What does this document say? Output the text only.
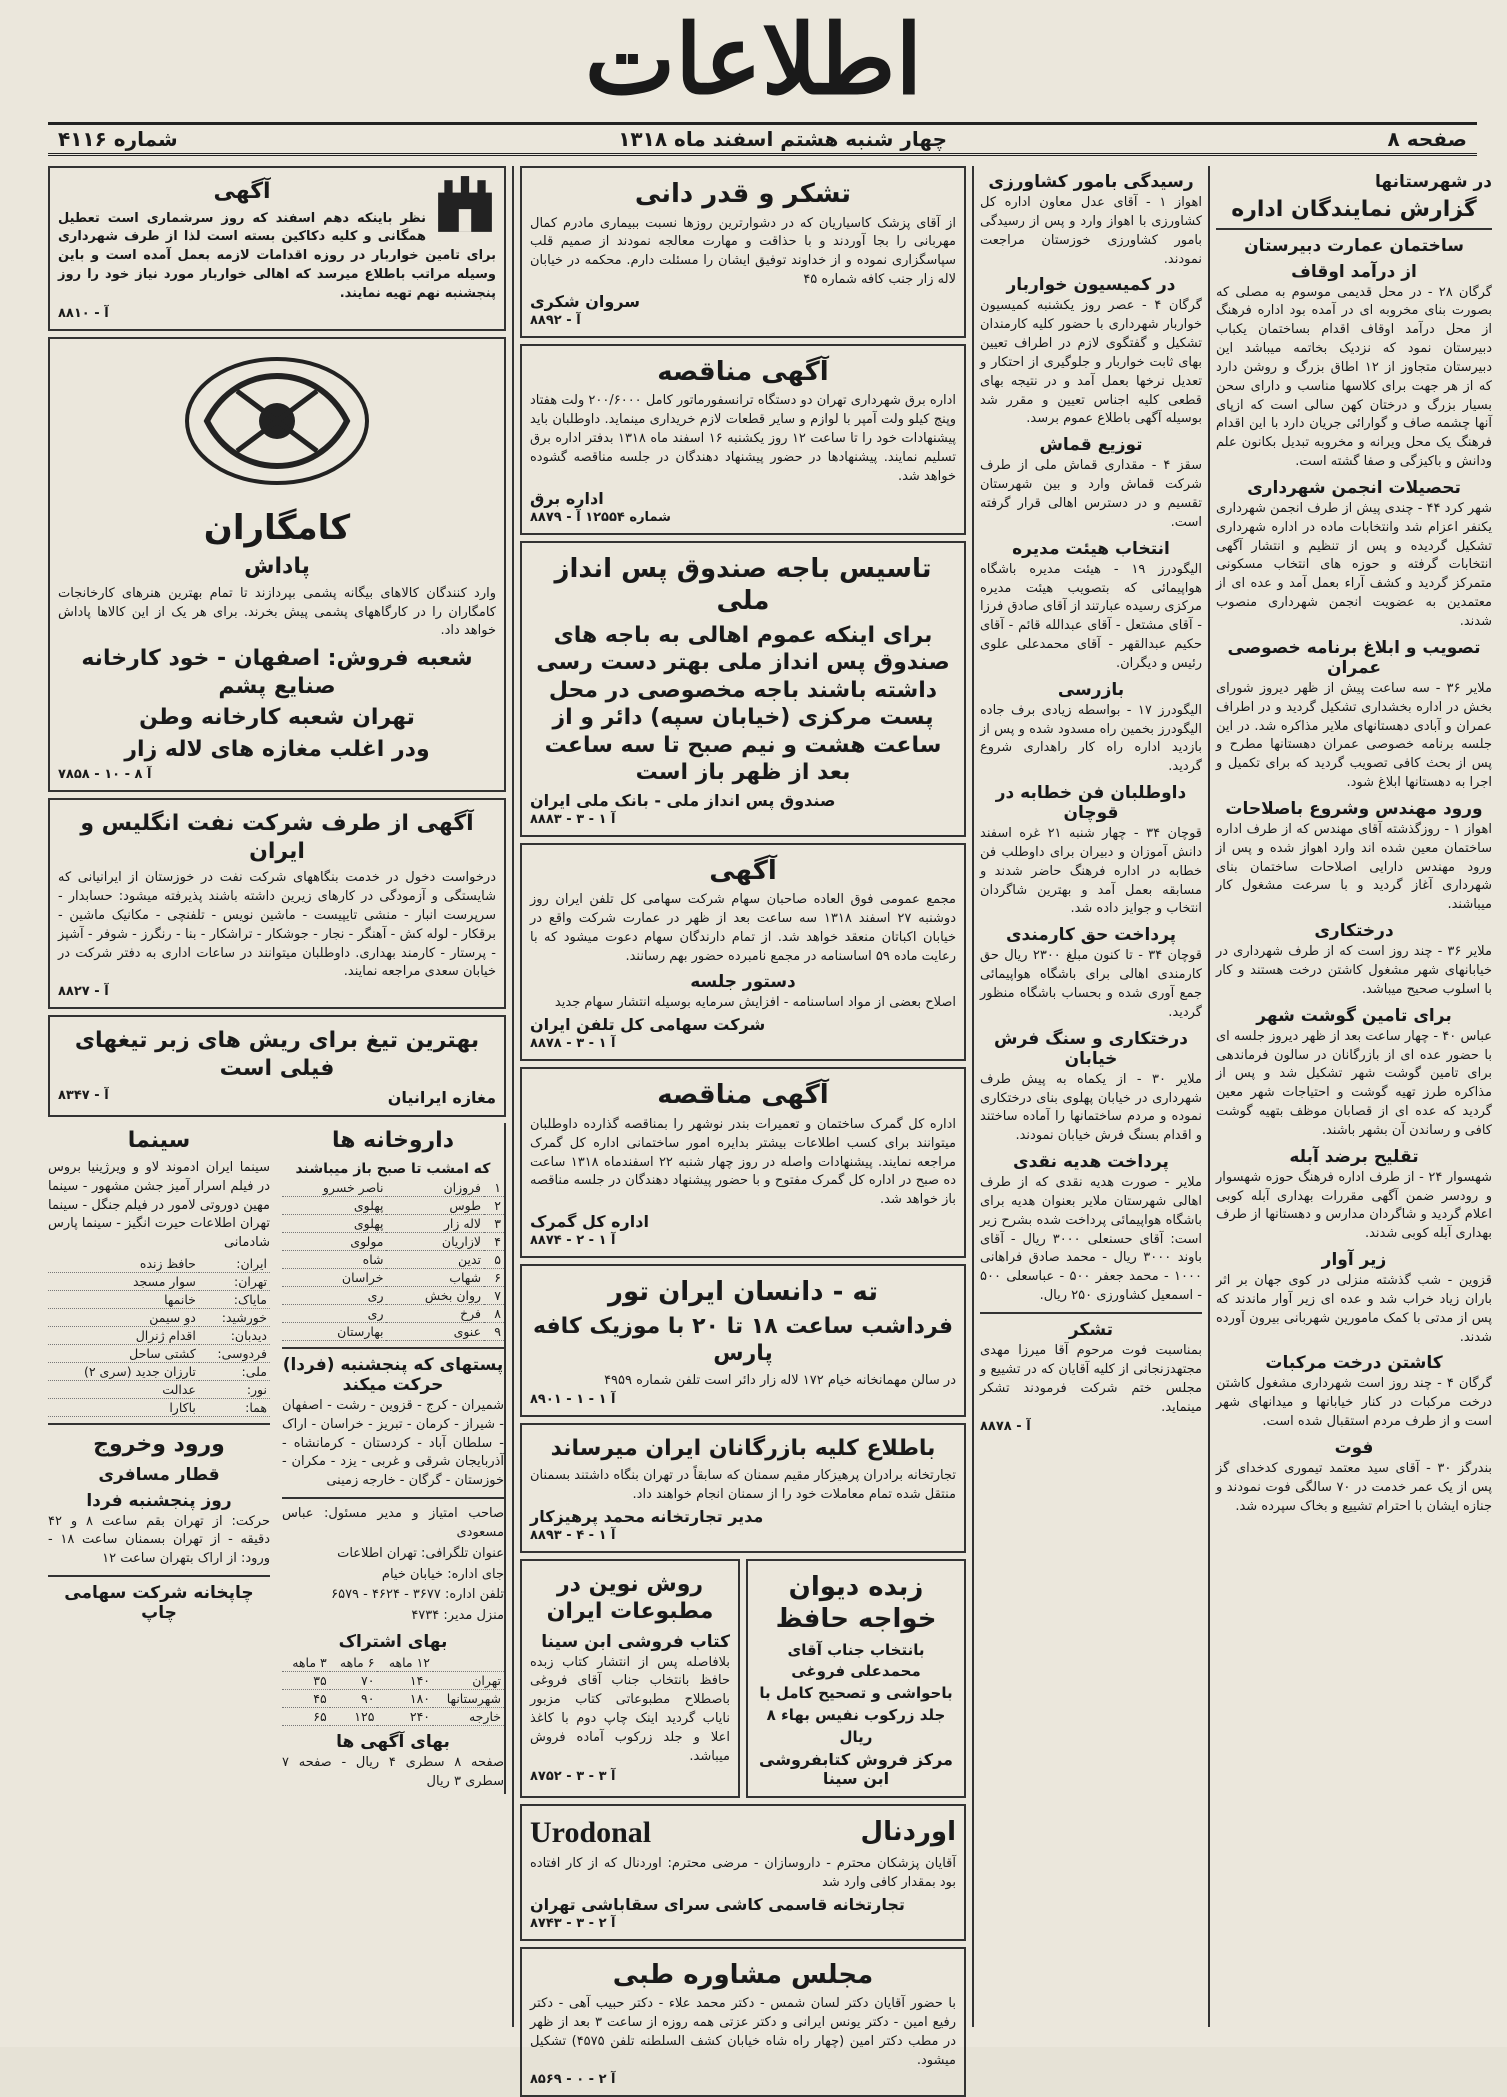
اطلاعات
صفحه ۸
چهار شنبه هشتم اسفند ماه ۱۳۱۸
شماره ۴۱۱۶
در شهرستانها
گزارش نمایندگان اداره
ساختمان عمارت دبیرستان
از درآمد اوقاف
گرگان ۲۸ - در محل قدیمی موسوم به مصلی که بصورت بنای مخروبه ای در آمده بود اداره فرهنگ از محل درآمد اوقاف اقدام بساختمان یکباب دبیرستان نمود که نزدیک بخاتمه میباشد این دبیرستان متجاوز از ۱۲ اطاق بزرگ و روشن دارد که از هر جهت برای کلاسها مناسب و دارای سحن بسیار بزرگ و درختان کهن سالی است که ازپای آنها چشمه صاف و گوارائی جریان دارد با این اقدام فرهنگ یک محل ویرانه و مخروبه تبدیل بکانون علم ودانش و باکیزگی و صفا گشته است.
تحصیلات انجمن شهرداری
شهر کرد ۴۴ - چندی پیش از طرف انجمن شهرداری یکنفر اعزام شد وانتخابات ماده در اداره شهرداری تشکیل گردیده و پس از تنظیم و انتشار آگهی انتخابات گرفته و حوزه های انتخاب مسکونی متمرکز گردید و کشف آراء بعمل آمد و عده ای از معتمدین به عضویت انجمن شهرداری منصوب شدند.
تصویب و ابلاغ برنامه خصوصی عمران
ملایر ۳۶ - سه ساعت پیش از ظهر دیروز شورای بخش در اداره بخشداری تشکیل گردید و در اطراف عمران و آبادی دهستانهای ملایر مذاکره شد. در این جلسه برنامه خصوصی عمران دهستانها مطرح و پس از بحث کافی تصویب گردید که برای تکمیل و اجرا به دهستانها ابلاغ شود.
ورود مهندس وشروع باصلاحات
اهواز ۱ - روزگذشته آقای مهندس که از طرف اداره ساختمان معین شده اند وارد اهواز شده و پس از ورود مهندس دارایی اصلاحات ساختمان بنای شهرداری آغاز گردید و با سرعت مشغول کار میباشند.
درختکاری
ملایر ۳۶ - چند روز است که از طرف شهرداری در خیابانهای شهر مشغول کاشتن درخت هستند و کار با اسلوب صحیح میباشد.
برای تامین گوشت شهر
عباس ۴۰ - چهار ساعت بعد از ظهر دیروز جلسه ای با حضور عده ای از بازرگانان در سالون فرماندهی برای تامین گوشت شهر تشکیل شد و پس از مذاکره طرز تهیه گوشت و احتیاجات شهر معین گردید که عده ای از قصابان موظف بتهیه گوشت کافی و رساندن آن بشهر باشند.
تقلیح برضد آبله
شهسوار ۲۴ - از طرف اداره فرهنگ حوزه شهسوار و رودسر ضمن آگهی مقررات بهداری آبله کوبی اعلام گردید و شاگردان مدارس و دهستانها از طرف بهداری آبله کوبی شدند.
زیر آوار
قزوین - شب گذشته منزلی در کوی جهان بر اثر باران زیاد خراب شد و عده ای زیر آوار ماندند که پس از مدتی با کمک مامورین شهربانی بیرون آورده شدند.
کاشتن درخت مرکبات
گرگان ۴ - چند روز است شهرداری مشغول کاشتن درخت مرکبات در کنار خیابانها و میدانهای شهر است و از طرف مردم استقبال شده است.
فوت
بندرگز ۳۰ - آقای سید معتمد تیموری کدخدای گز پس از یک عمر خدمت در ۷۰ سالگی فوت نمودند و جنازه ایشان با احترام تشییع و بخاک سپرده شد.
رسیدگی بامور کشاورزی
اهواز ۱ - آقای عدل معاون اداره کل کشاورزی با اهواز وارد و پس از رسیدگی بامور کشاورزی خوزستان مراجعت نمودند.
در کمیسیون خواربار
گرگان ۴ - عصر روز یکشنبه کمیسیون خواربار شهرداری با حضور کلیه کارمندان تشکیل و گفتگوی لازم در اطراف تعیین بهای ثابت خواربار و جلوگیری از احتکار و تعدیل نرخها بعمل آمد و در نتیجه بهای قطعی کلیه اجناس تعیین و مقرر شد بوسیله آگهی باطلاع عموم برسد.
توزیع قماش
سقز ۴ - مقداری قماش ملی از طرف شرکت قماش وارد و بین شهرستان تقسیم و در دسترس اهالی قرار گرفته است.
انتخاب هیئت مدیره
الیگودرز ۱۹ - هیئت مدیره باشگاه هواپیمائی که بتصویب هیئت مدیره مرکزی رسیده عبارتند از آقای صادق فرزا - آقای مشتعل - آقای عبدالله قائم - آقای حکیم عبدالقهر - آقای محمدعلی علوی رئیس و دیگران.
بازرسی
الیگودرز ۱۷ - بواسطه زیادی برف جاده الیگودرز بخمین راه مسدود شده و پس از بازدید اداره راه کار راهداری شروع گردید.
داوطلبان فن خطابه در قوچان
قوچان ۳۴ - چهار شنبه ۲۱ غره اسفند دانش آموزان و دبیران برای داوطلب فن خطابه در اداره فرهنگ حاضر شدند و مسابقه بعمل آمد و بهترین شاگردان انتخاب و جوایز داده شد.
پرداخت حق کارمندی
قوچان ۳۴ - تا کنون مبلغ ۲۳۰۰ ریال حق کارمندی اهالی برای باشگاه هواپیمائی جمع آوری شده و بحساب باشگاه منظور گردید.
درختکاری و سنگ فرش خیابان
ملایر ۳۰ - از یکماه به پیش طرف شهرداری در خیابان پهلوی بنای درختکاری نموده و مردم ساختمانها را آماده ساختند و اقدام بسنگ فرش خیابان نمودند.
پرداخت هدیه نقدی
ملایر - صورت هدیه نقدی که از طرف اهالی شهرستان ملایر بعنوان هدیه برای باشگاه هواپیمائی پرداخت شده بشرح زیر است: آقای حسنعلی ۳۰۰۰ ریال - آقای باوند ۳۰۰۰ ریال - محمد صادق فراهانی ۱۰۰۰ - محمد جعفر ۵۰۰ - عباسعلی ۵۰۰ - اسمعیل کشاورزی ۲۵۰ ریال.
تشکر
بمناسبت فوت مرحوم آقا میرزا مهدی مجتهدزنجانی از کلیه آقایان که در تشییع و مجلس ختم شرکت فرمودند تشکر مینماید.
۸۸۷۸ - آ
تشکر و قدر دانی
از آقای پزشک کاسیاریان که در دشوارترین روزها نسبت ببیماری مادرم کمال مهربانی را بجا آوردند و با حذاقت و مهارت معالجه نمودند از صمیم قلب سپاسگزاری نموده و از خداوند توفیق ایشان را مسئلت دارم. محکمه در خیابان لاله زار جنب کافه شماره ۴۵
سروان شکری
۸۸۹۲ - آ
آگهی مناقصه
اداره برق شهرداری تهران دو دستگاه ترانسفورماتور کامل ۲۰۰/۶۰۰۰ ولت هفتاد وپنج کیلو ولت آمپر با لوازم و سایر قطعات لازم خریداری مینماید. داوطلبان باید پیشنهادات خود را تا ساعت ۱۲ روز یکشنبه ۱۶ اسفند ماه ۱۳۱۸ بدفتر اداره برق تسلیم نمایند. پیشنهادها در حضور پیشنهاد دهندگان در جلسه مناقصه گشوده خواهد شد.
اداره برق
شماره ۱۲۵۵۴ آ - ۸۸۷۹
تاسیس باجه صندوق پس انداز ملی
برای اینکه عموم اهالی به باجه های صندوق پس انداز ملی بهتر دست رسی داشته باشند باجه مخصوصی در محل پست مرکزی (خیابان سپه) دائر و از ساعت هشت و نیم صبح تا سه ساعت بعد از ظهر باز است
صندوق پس انداز ملی - بانک ملی ایران
۸۸۸۳ - آ ۱ - ۳
آگهی
مجمع عمومی فوق العاده صاحبان سهام شرکت سهامی کل تلفن ایران روز دوشنبه ۲۷ اسفند ۱۳۱۸ سه ساعت بعد از ظهر در عمارت شرکت واقع در خیابان اکباتان منعقد خواهد شد. از تمام دارندگان سهام دعوت میشود که با رعایت ماده ۵۹ اساسنامه در مجمع نامبرده حضور بهم رسانند.
دستور جلسه
اصلاح بعضی از مواد اساسنامه - افزایش سرمایه بوسیله انتشار سهام جدید
شرکت سهامی کل تلفن ایران
۸۸۷۸ - آ ۱ - ۳
آگهی مناقصه
اداره کل گمرک ساختمان و تعمیرات بندر نوشهر را بمناقصه گذارده داوطلبان میتوانند برای کسب اطلاعات بیشتر بدایره امور ساختمانی اداره کل گمرک مراجعه نمایند. پیشنهادات واصله در روز چهار شنبه ۲۲ اسفندماه ۱۳۱۸ ساعت ده صبح در اداره کل گمرک مفتوح و با حضور پیشنهاد دهندگان در جلسه مناقصه باز خواهد شد.
اداره کل گمرک
۸۸۷۴ - آ ۱ - ۲
ته - دانسان ایران تور
فرداشب ساعت ۱۸ تا ۲۰ با موزیک کافه پارس
در سالن مهمانخانه خیام ۱۷۲ لاله زار دائر است تلفن شماره ۴۹۵۹
۸۹۰۱ - آ ۱ - ۱
باطلاع کلیه بازرگانان ایران میرساند
تجارتخانه برادران پرهیزکار مقیم سمنان که سابقاً در تهران بنگاه داشتند بسمنان منتقل شده تمام معاملات خود را از سمنان انجام خواهند داد.
مدیر تجارتخانه محمد پرهیزکار
۸۸۹۳ - آ ۱ - ۴
زبده دیوان خواجه حافظ
بانتخاب جناب آقای محمدعلی فروغی باحواشی و تصحیح کامل با جلد زرکوب نفیس بهاء ۸ ریال
مرکز فروش کتابفروشی ابن سینا
روش نوین در مطبوعات ایران
کتاب فروشی ابن سینا
بلافاصله پس از انتشار کتاب زبده حافظ بانتخاب جناب آقای فروغی باصطلاح مطبوعاتی کتاب مزبور نایاب گردید اینک چاپ دوم با کاغذ اعلا و جلد زرکوب آماده فروش میباشد.
۸۷۵۲ - آ ۳ - ۳
اوردنال
Urodonal
آقایان پزشکان محترم - داروسازان - مرضی محترم: اوردنال که از کار افتاده بود بمقدار کافی وارد شد
تجارتخانه قاسمی کاشی سرای سقاباشی تهران
۸۷۴۳ - آ ۲ - ۳
مجلس مشاوره طبی
با حضور آقایان دکتر لسان شمس - دکتر محمد علاء - دکتر حبیب آهی - دکتر رفیع امین - دکتر یونس ایرانی و دکتر عزتی همه روزه از ساعت ۳ بعد از ظهر در مطب دکتر امین (چهار راه شاه خیابان کشف السلطنه تلفن ۴۵۷۵) تشکیل میشود.
۸۵۶۹ - آ ۲ - ۰
آگهی
نظر باینکه دهم اسفند که روز سرشماری است تعطیل همگانی و کلیه دکاکین بسته است لذا از طرف شهرداری برای تامین خواربار در روزه اقدامات لازمه بعمل آمده است و باین وسیله مراتب باطلاع میرسد که اهالی خواربار مورد نیاز خود را روز پنجشنبه نهم تهیه نمایند.
۸۸۱۰ - آ
کامگاران
پاداش
وارد کنندگان کالاهای بیگانه پشمی بپردازند تا تمام بهترین هنرهای کارخانجات کامگاران را در کارگاههای پشمی پیش بخرند. برای هر یک از این کالاها پاداش خواهد داد.
شعبه فروش: اصفهان - خود کارخانه صنایع پشم
تهران شعبه کارخانه وطن
ودر اغلب مغازه های لاله زار
۷۸۵۸ - آ ۸ - ۱۰
آگهی از طرف شرکت نفت انگلیس و ایران
درخواست دخول در خدمت بنگاههای شرکت نفت در خوزستان از ایرانیانی که شایستگی و آزمودگی در کارهای زیرین داشته باشند پذیرفته میشود: حسابدار - سرپرست انبار - منشی تایپیست - ماشین نویس - تلفنچی - مکانیک ماشین - برقکار - لوله کش - آهنگر - نجار - جوشکار - تراشکار - بنا - رنگرز - شوفر - آشپز - پرستار - کارمند بهداری. داوطلبان میتوانند در ساعات اداری به دفتر شرکت در خیابان سعدی مراجعه نمایند.
۸۸۲۷ - آ
بهترین تیغ برای ریش های زبر تیغهای فیلی است
مغازه ایرانیان
۸۳۴۷ - آ
داروخانه ها
که امشب تا صبح باز میباشند
۱	فروزان	ناصر خسرو
۲	طوس	پهلوی
۳	لاله زار	پهلوی
۴	لازاریان	مولوی
۵	تدین	شاه
۶	شهاب	خراسان
۷	روان بخش	ری
۸	فرخ	ری
۹	عنوی	بهارستان
پستهای که پنجشنبه (فردا) حرکت میکند
شمیران - کرج - قزوین - رشت - اصفهان - شیراز - کرمان - تبریز - خراسان - اراک - سلطان آباد - کردستان - کرمانشاه - آذربایجان شرقی و غربی - یزد - مکران - خوزستان - گرگان - خارجه زمینی
صاحب امتیاز و مدیر مسئول: عباس مسعودی
عنوان تلگرافی: تهران اطلاعات
جای اداره: خیابان خیام
تلفن اداره: ۳۶۷۷ - ۴۶۲۴ - ۶۵۷۹
منزل مدیر: ۴۷۳۴
بهای اشتراک
	۱۲ ماهه	۶ ماهه	۳ ماهه
تهران	۱۴۰	۷۰	۳۵
شهرستانها	۱۸۰	۹۰	۴۵
خارجه	۲۴۰	۱۲۵	۶۵
بهای آگهی ها
صفحه ۸ سطری ۴ ریال - صفحه ۷ سطری ۳ ریال
سینما
سینما ایران ادموند لاو و ویرژینیا بروس در فیلم اسرار آمیز جشن مشهور - سینما مهین دوروتی لامور در فیلم جنگل - سینما تهران اطلاعات حیرت انگیز - سینما پارس شادمانی
ایران:	حافظ زنده
تهران:	سوار مسجد
مایاک:	خانمها
خورشید:	دو سیمن
دیدبان:	اقدام ژنرال
فردوسی:	کشتی ساحل
ملی:	تارزان جدید (سری ۲)
نور:	عدالت
هما:	باکارا
ورود وخروج
قطار مسافری
روز پنجشنبه فردا
حرکت: از تهران بقم ساعت ۸ و ۴۲ دقیقه - از تهران بسمنان ساعت ۱۸ - ورود: از اراک بتهران ساعت ۱۲
چاپخانه شرکت سهامی چاپ
